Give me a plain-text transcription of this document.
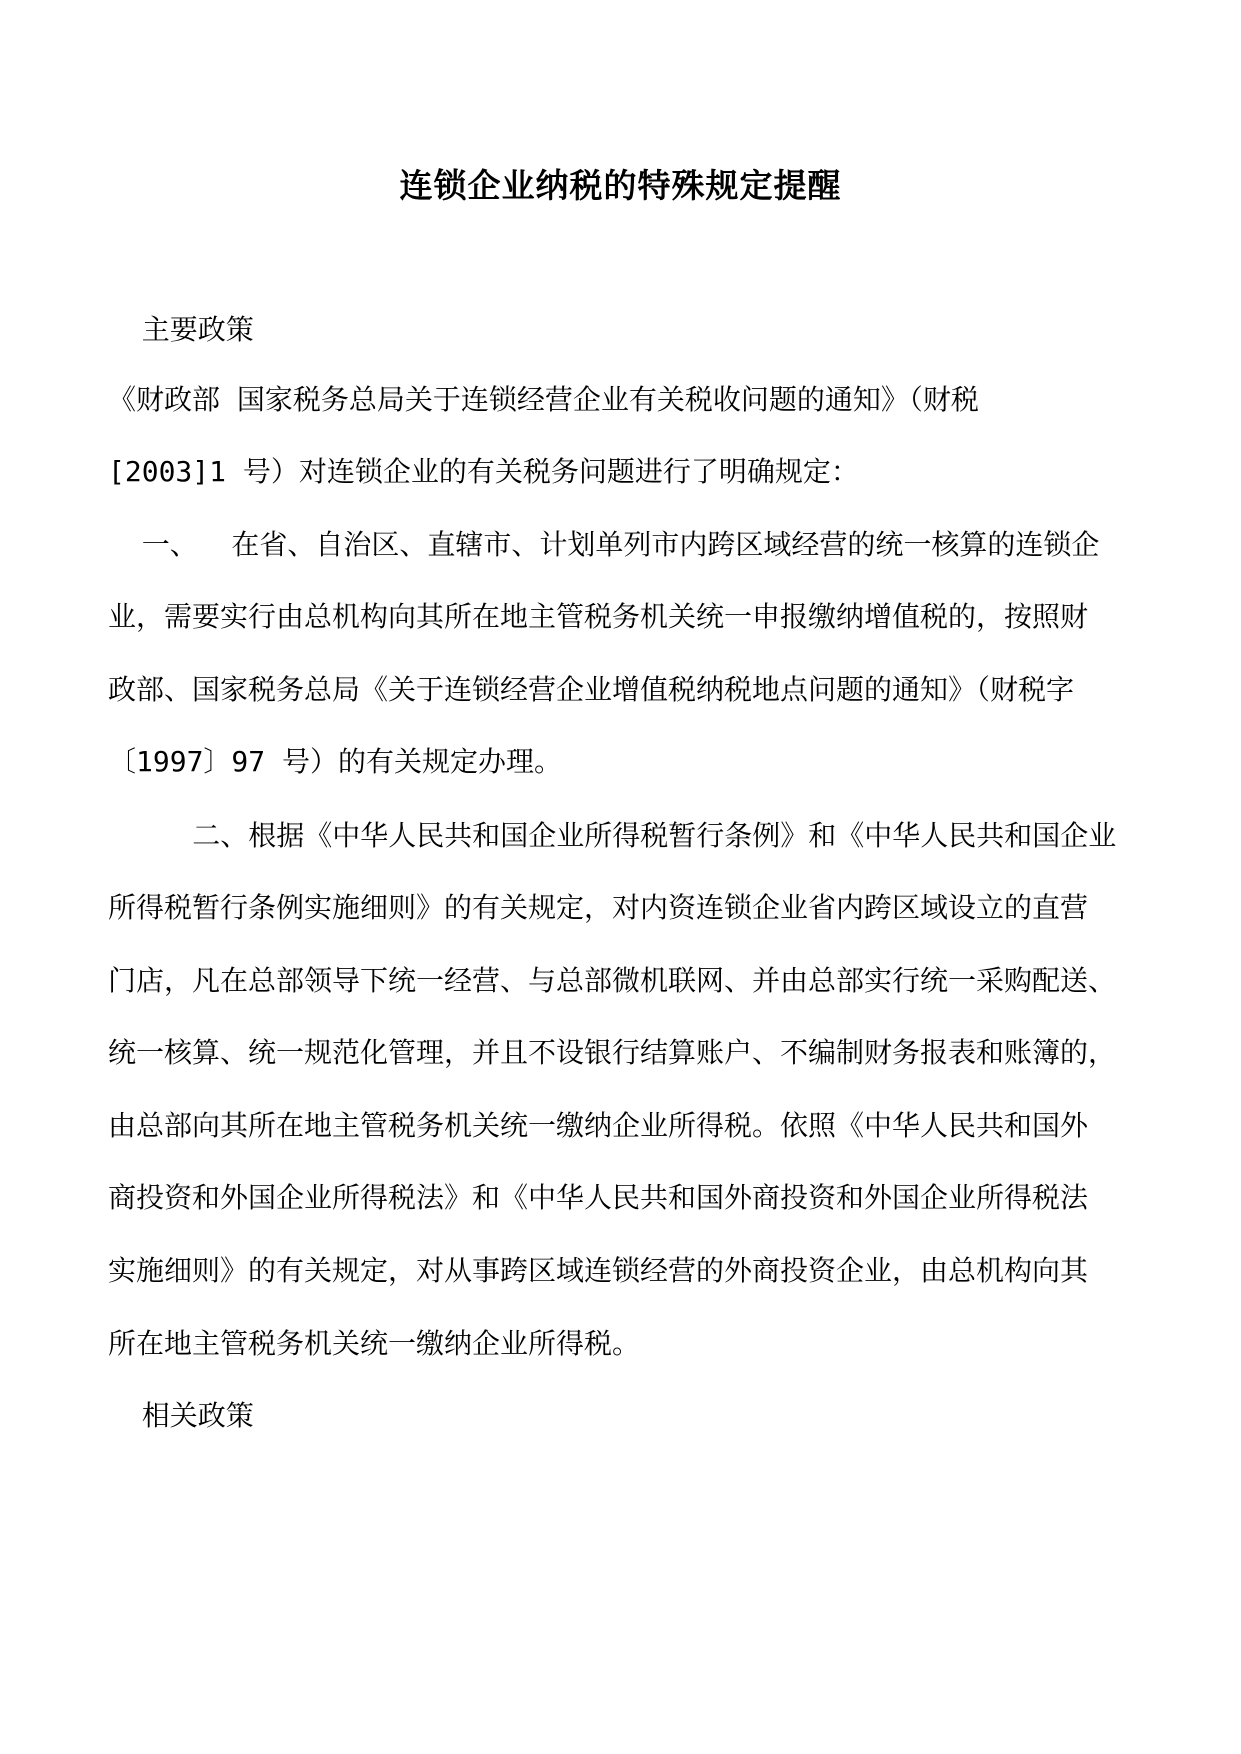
连锁企业纳税的特殊规定提醒
主要政策
《财政部 国家税务总局关于连锁经营企业有关税收问题的通知》（财税
[2003]1 号）对连锁企业的有关税务问题进行了明确规定：
一、  在省、自治区、直辖市、计划单列市内跨区域经营的统一核算的连锁企
业，需要实行由总机构向其所在地主管税务机关统一申报缴纳增值税的，按照财
政部、国家税务总局《关于连锁经营企业增值税纳税地点问题的通知》（财税字
〔1997〕97 号）的有关规定办理。
二、根据《中华人民共和国企业所得税暂行条例》和《中华人民共和国企业
所得税暂行条例实施细则》的有关规定，对内资连锁企业省内跨区域设立的直营
门店，凡在总部领导下统一经营、与总部微机联网、并由总部实行统一采购配送、
统一核算、统一规范化管理，并且不设银行结算账户、不编制财务报表和账簿的，
由总部向其所在地主管税务机关统一缴纳企业所得税。依照《中华人民共和国外
商投资和外国企业所得税法》和《中华人民共和国外商投资和外国企业所得税法
实施细则》的有关规定，对从事跨区域连锁经营的外商投资企业，由总机构向其
所在地主管税务机关统一缴纳企业所得税。
相关政策
